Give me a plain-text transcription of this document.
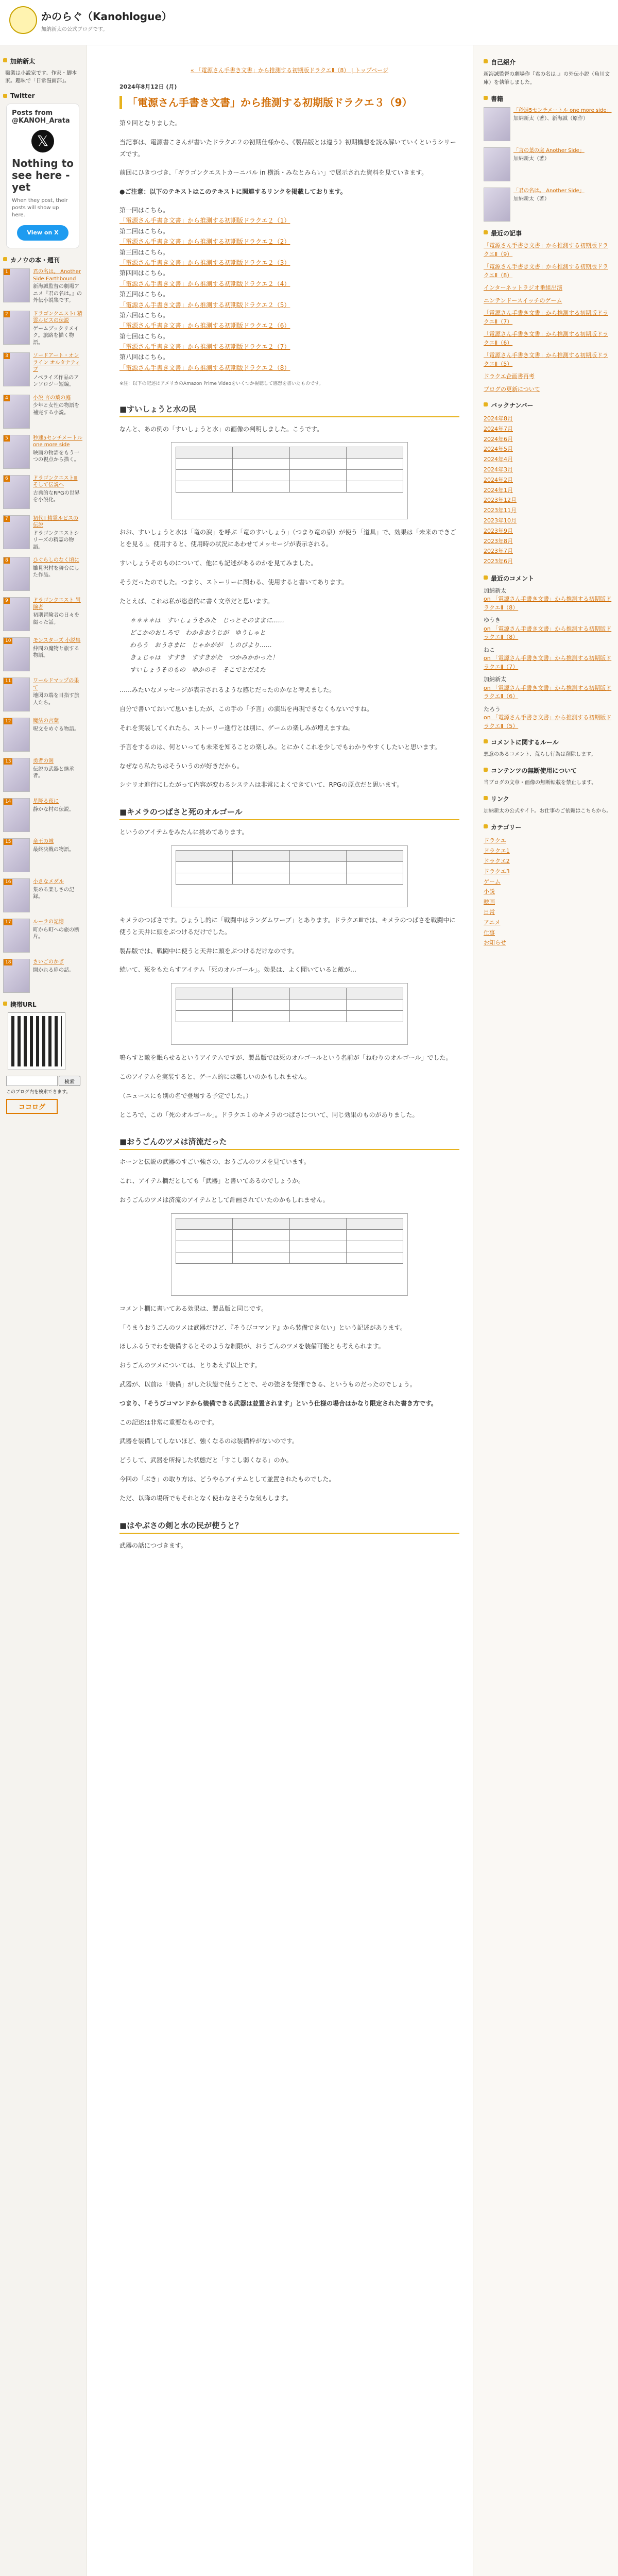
かのらぐ（Kanohlogue）
加納新太の公式ブログです。
加納新太
職業は小説家です。作家・脚本家。趣味で「日常漫画部」。
Twitter
Posts from
@KANOH_Arata
𝕏
Nothing to see here - yet
When they post, their posts will show up here.
View on X
カノウの本・週刊
1	君の名は。 Another Side:Earthbound
新海誠監督の劇場アニメ『君の名は。』の外伝小説集です。
2	ドラゴンクエストⅠ 精霊ルビスの伝説
ゲームブックリメイク。旅路を描く物語。
3	ソードアート・オンライン オルタナティブ
ノベライズ作品のアンソロジー短編。
4	小説 言の葉の庭
少年と女性の物語を補完する小説。
5	秒速5センチメートル one more side
映画の物語をもう一つの視点から描く。
6	ドラゴンクエストⅢ そして伝説へ
古典的なRPGの世界を小説化。
7	初代Ⅱ 精霊ルビスの伝説
ドラゴンクエストシリーズの精霊の物語。
8	ひぐらしのなく頃に
雛見沢村を舞台にした作品。
9	ドラゴンクエスト 冒険者
初期冒険者の日々を綴った話。
10	モンスターズ 小説集
仲間の魔物と旅する物語。
11	ワールドマップの果て
地図の端を目指す旅人たち。
12	魔法の言葉
呪文をめぐる物語。
13	勇者の剣
伝説の武器と継承者。
14	星降る夜に
静かな村の伝説。
15	竜王の城
最終決戦の物語。
16	小さなメダル
集める楽しさの記録。
17	ルーラの記憶
町から町への旅の断片。
18	さいごのかぎ
開かれる扉の話。
携帯URL
検索
このブログ内を検索できます。
ココログ
« 「電源さん手書き文書」から推測する初期版ドラクエⅡ（8） | トップページ
2024年8月12日 (月)
「電源さん手書き文書」から推測する初期版ドラクエ３（9）

第９回となりました。

当記事は、電源書こさんが書いたドラクエ２の初期仕様から、《製品版とは違う》初期構想を読み解いていくというシリーズです。

前回にひきつづき、「ギラゴンクエストカーニバル in 横浜・みなとみらい」で展示された資料を見ていきます。

●ご注意：以下のテキストはこのテキストに関連するリンクを掲載しております。

第一回はこちら。
「電源さん手書き文書」から推測する初期版ドラクエ２（1）
第二回はこちら。
「電源さん手書き文書」から推測する初期版ドラクエ２（2）
第三回はこちら。
「電源さん手書き文書」から推測する初期版ドラクエ２（3）
第四回はこちら。
「電源さん手書き文書」から推測する初期版ドラクエ２（4）
第五回はこちら。
「電源さん手書き文書」から推測する初期版ドラクエ２（5）
第六回はこちら。
「電源さん手書き文書」から推測する初期版ドラクエ２（6）
第七回はこちら。
「電源さん手書き文書」から推測する初期版ドラクエ２（7）
第八回はこちら。
「電源さん手書き文書」から推測する初期版ドラクエ２（8）
※注：以下の記述はアメリカのAmazon Prime Videoをいくつか視聴して感想を書いたものです。
■すいしょうと水の民

なんと、あの例の「すいしょうと水」の画像の判明しました。こうです。

おお、すいしょうと水は「竜の涙」を呼ぶ「竜のすいしょう」（つまり竜の泉）が使う「道具」で、効果は「未来のできごとを見る」。使用すると、使用時の状況にあわせてメッセージが表示される。

すいしょうそのものについて、他にも記述があるのかを見てみました。

そうだったのでした。つまり、ストーリーに関わる、使用すると書いてあります。

たとえば、これは私が恣意的に書く文章だと思います。

＊＊＊＊は　すいしょうをみた　じっとそのままに……
どこかのおしろで　わかきおうじが　ゆうしゃと
わらう　おうさまに　じゃかがが　しのびより……
きょじゃは　すすき　すすきがた　つかみかかった！
すいしょうそのもの　ゆかのそ　そこでとだえた

……みたいなメッセージが表示されるような感じだったのかなと考えました。

自分で書いておいて思いましたが、この手の「予言」の演出を再現できなくもないですね。

それを実装してくれたら、ストーリー進行とは別に、ゲームの楽しみが増えますね。

予言をするのは、何といっても未来を知ることの楽しみ。とにかくこれを少しでもわかりやすくしたいと思います。

なぜなら私たちはそういうのが好きだから。

シナリオ進行にしたがって内容が変わるシステムは非常によくできていて、RPGの原点だと思います。

■キメラのつばさと死のオルゴール

というのアイテムをみたんに挑めてあります。

キメラのつばさです。ひょうし的に「戦闘中はランダムワープ」とあります。ドラクエⅢでは、キメラのつばさを戦闘中に使うと天井に頭をぶつけるだけでした。

製品版では、戦闘中に使うと天井に頭をぶつけるだけなのです。

続いて、死をもたらすアイテム「死のオルゴール」。効果は、よく聞いていると敵が…

鳴らすと敵を眠らせるというアイテムですが、製品版では死のオルゴールという名前が「ねむりのオルゴール」でした。

このアイテムを実装すると、ゲーム的には難しいのかもしれません。

（ニュースにも別の名で登場する予定でした。）

ところで、この「死のオルゴール」。ドラクエ１のキメラのつばさについて、同じ効果のものがありました。

■おうごんのツメは済流だった

ホーンと伝説の武器のすごい強さの、おうごんのツメを見ています。

これ、アイテム欄だとしても「武器」と書いてあるのでしょうか。

おうごんのツメは済流のアイテムとして計画されていたのかもしれません。

コメント欄に書いてある効果は、製品版と同じです。

「うまうおうごんのツメは武器だけど、『そうびコマンド』から装備できない」という記述があります。

ほしふるうでわを装備するとそのような制限が、おうごんのツメを装備可能とも考えられます。

おうごんのツメについては、とりあえず以上です。

武器が、以前は「装備」がした状態で使うことで、その強さを発揮できる、というものだったのでしょう。

つまり、「そうびコマンドから装備できる武器は並置されます」という仕様の場合はかなり限定された書き方です。

この記述は非常に重要なものです。

武器を装備してしないほど、強くなるのは装備枠がないのです。

どうして、武器を所持した状態だと「すこし弱くなる」のか。

今回の「ぶき」の取り方は、どうやらアイテムとして並置されたものでした。

ただ、以降の場所でもそれとなく使わなさそうな気もします。

■はやぶさの剣と水の民が使うと？

武器の話につづきます。

自己紹介
新海誠監督の劇場作『君の名は。』の外伝小説（角川文庫）を執筆しました。
書籍
「秒速5センチメートル one more side」
加納新太（著）、新海誠（原作）
「言の葉の庭 Another Side」
加納新太（著）
「君の名は。 Another Side」
加納新太（著）
最近の記事
「電源さん手書き文書」から推測する初期版ドラクエⅡ（9）
「電源さん手書き文書」から推測する初期版ドラクエⅡ（8）
インターネットラジオ番組出演
ニンテンドースイッチのゲーム
「電源さん手書き文書」から推測する初期版ドラクエⅡ（7）
「電源さん手書き文書」から推測する初期版ドラクエⅡ（6）
「電源さん手書き文書」から推測する初期版ドラクエⅡ（5）
ドラクエ企画書再考
ブログの更新について
バックナンバー
2024年8月
2024年7月
2024年6月
2024年5月
2024年4月
2024年3月
2024年2月
2024年1月
2023年12月
2023年11月
2023年10月
2023年9月
2023年8月
2023年7月
2023年6月
最近のコメント
加納新太
on 「電源さん手書き文書」から推測する初期版ドラクエⅡ（8）
ゆうき
on 「電源さん手書き文書」から推測する初期版ドラクエⅡ（8）
ねこ
on 「電源さん手書き文書」から推測する初期版ドラクエⅡ（7）
加納新太
on 「電源さん手書き文書」から推測する初期版ドラクエⅡ（6）
たろう
on 「電源さん手書き文書」から推測する初期版ドラクエⅡ（5）
コメントに関するルール
悪意のあるコメント、荒らし行為は削除します。
コンテンツの無断使用について
当ブログの文章・画像の無断転載を禁止します。
リンク
加納新太の公式サイト。お仕事のご依頼はこちらから。
カテゴリー
ドラクエ
ドラクエ1
ドラクエ2
ドラクエ3
ゲーム
小説
映画
日常
アニメ
仕事
お知らせ
